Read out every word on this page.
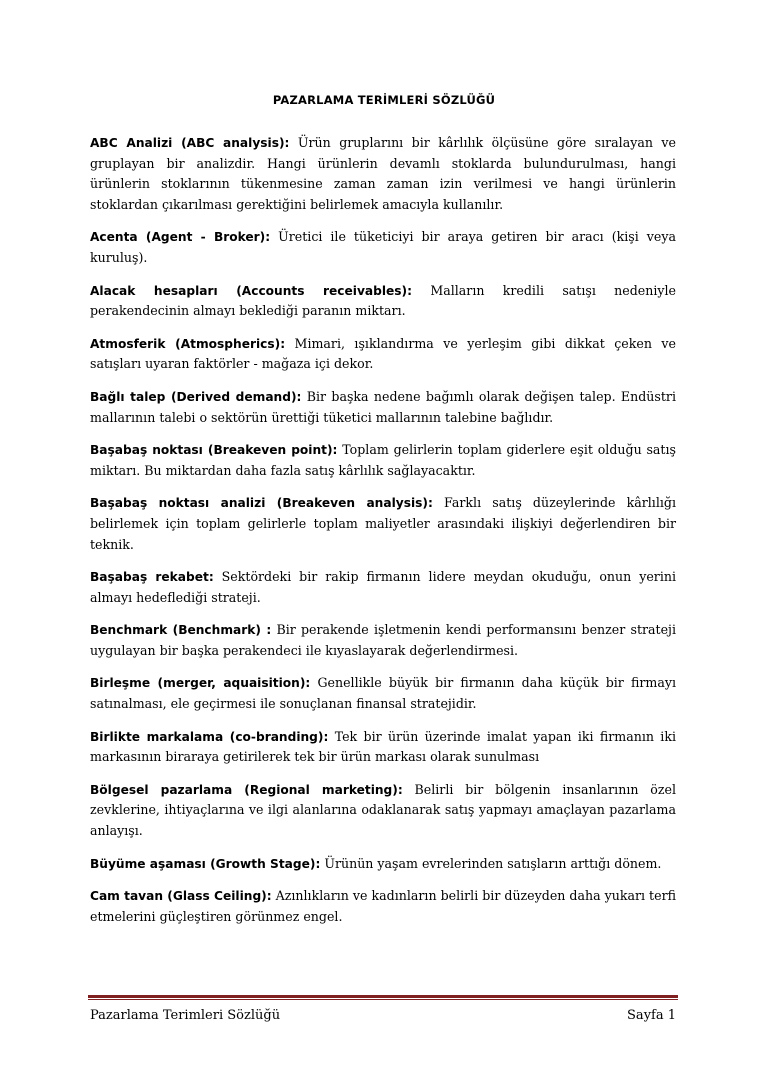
PAZARLAMA TERİMLERİ SÖZLÜĞÜ

ABC Analizi (ABC analysis): Ürün gruplarını bir kârlılık ölçüsüne göre sıralayan ve gruplayan bir analizdir. Hangi ürünlerin devamlı stoklarda bulundurulması, hangi ürünlerin stoklarının tükenmesine zaman zaman izin verilmesi ve hangi ürünlerin stoklardan çıkarılması gerektiğini belirlemek amacıyla kullanılır.

Acenta (Agent - Broker): Üretici ile tüketiciyi bir araya getiren bir aracı (kişi veya kuruluş).

Alacak hesapları (Accounts receivables): Malların kredili satışı nedeniyle perakendecinin almayı beklediği paranın miktarı.

Atmosferik (Atmospherics): Mimari, ışıklandırma ve yerleşim gibi dikkat çeken ve satışları uyaran faktörler - mağaza içi dekor.

Bağlı talep (Derived demand): Bir başka nedene bağımlı olarak değişen talep. Endüstri mallarının talebi o sektörün ürettiği tüketici mallarının talebine bağlıdır.

Başabaş noktası (Breakeven point): Toplam gelirlerin toplam giderlere eşit olduğu satış miktarı. Bu miktardan daha fazla satış kârlılık sağlayacaktır.

Başabaş noktası analizi (Breakeven analysis): Farklı satış düzeylerinde kârlılığı belirlemek için toplam gelirlerle toplam maliyetler arasındaki ilişkiyi değerlendiren bir teknik.

Başabaş rekabet: Sektördeki bir rakip firmanın lidere meydan okuduğu, onun yerini almayı hedeflediği strateji.

Benchmark (Benchmark) : Bir perakende işletmenin kendi performansını benzer strateji uygulayan bir başka perakendeci ile kıyaslayarak değerlendirmesi.

Birleşme (merger, aquaisition): Genellikle büyük bir firmanın daha küçük bir firmayı satınalması, ele geçirmesi ile sonuçlanan finansal stratejidir.

Birlikte markalama (co-branding): Tek bir ürün üzerinde imalat yapan iki firmanın iki markasının biraraya getirilerek tek bir ürün markası olarak sunulması

Bölgesel pazarlama (Regional marketing): Belirli bir bölgenin insanlarının özel zevklerine, ihtiyaçlarına ve ilgi alanlarına odaklanarak satış yapmayı amaçlayan pazarlama anlayışı.

Büyüme aşaması (Growth Stage): Ürünün yaşam evrelerinden satışların arttığı dönem.

Cam tavan (Glass Ceiling): Azınlıkların ve kadınların belirli bir düzeyden daha yukarı terfi etmelerini güçleştiren görünmez engel.

Pazarlama Terimleri Sözlüğü	Sayfa 1
